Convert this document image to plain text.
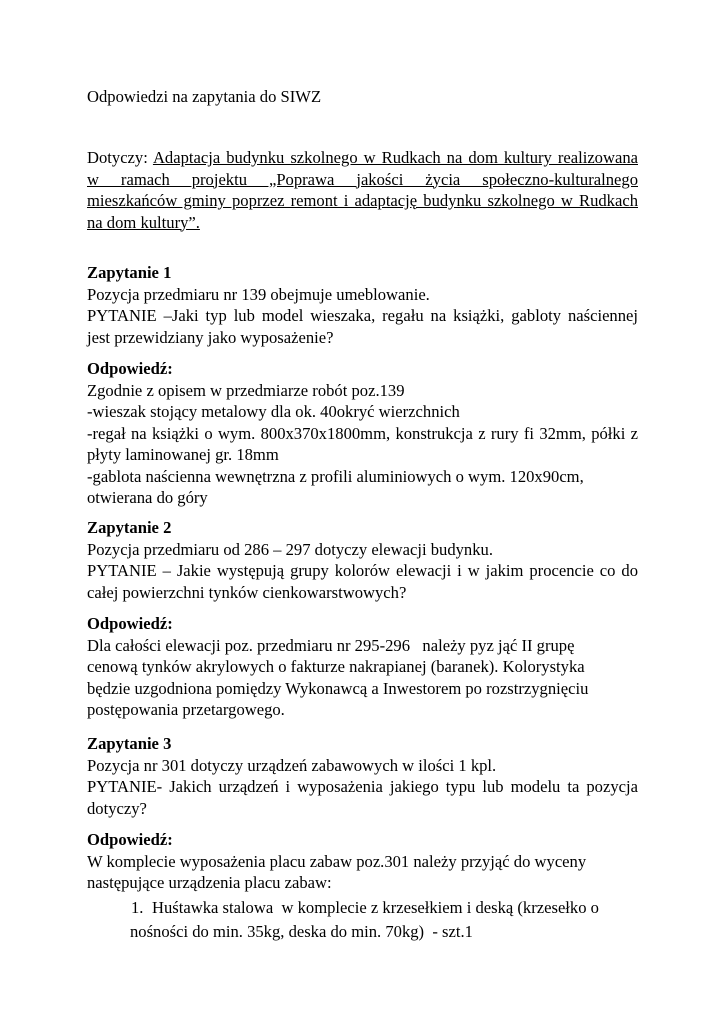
Odpowiedzi na zapytania do SIWZ
Dotyczy: Adaptacja budynku szkolnego w Rudkach na dom kultury realizowana
w ramach projektu „Poprawa jakości życia społeczno-kulturalnego
mieszkańców gminy poprzez remont i adaptację budynku szkolnego w Rudkach
na dom kultury”.
Zapytanie 1
Pozycja przedmiaru nr 139 obejmuje umeblowanie.
PYTANIE –Jaki typ lub model wieszaka, regału na książki, gabloty naściennej
jest przewidziany jako wyposażenie?
Odpowiedź:
Zgodnie z opisem w przedmiarze robót poz.139
-wieszak stojący metalowy dla ok. 40okryć wierzchnich
-regał na książki o wym. 800x370x1800mm, konstrukcja z rury fi 32mm, półki z
płyty laminowanej gr. 18mm
-gablota naścienna wewnętrzna z profili aluminiowych o wym. 120x90cm,
otwierana do góry
Zapytanie 2
Pozycja przedmiaru od 286 – 297 dotyczy elewacji budynku.
PYTANIE – Jakie występują grupy kolorów elewacji i w jakim procencie co do
całej powierzchni tynków cienkowarstwowych?
Odpowiedź:
Dla całości elewacji poz. przedmiaru nr 295-296   należy pyz jąć II grupę
cenową tynków akrylowych o fakturze nakrapianej (baranek). Kolorystyka
będzie uzgodniona pomiędzy Wykonawcą a Inwestorem po rozstrzygnięciu
postępowania przetargowego.
Zapytanie 3
Pozycja nr 301 dotyczy urządzeń zabawowych w ilości 1 kpl.
PYTANIE- Jakich urządzeń i wyposażenia jakiego typu lub modelu ta pozycja
dotyczy?
Odpowiedź:
W komplecie wyposażenia placu zabaw poz.301 należy przyjąć do wyceny
następujące urządzenia placu zabaw:
1. Huśtawka stalowa  w komplecie z krzesełkiem i deską (krzesełko o
nośności do min. 35kg, deska do min. 70kg)  - szt.1
